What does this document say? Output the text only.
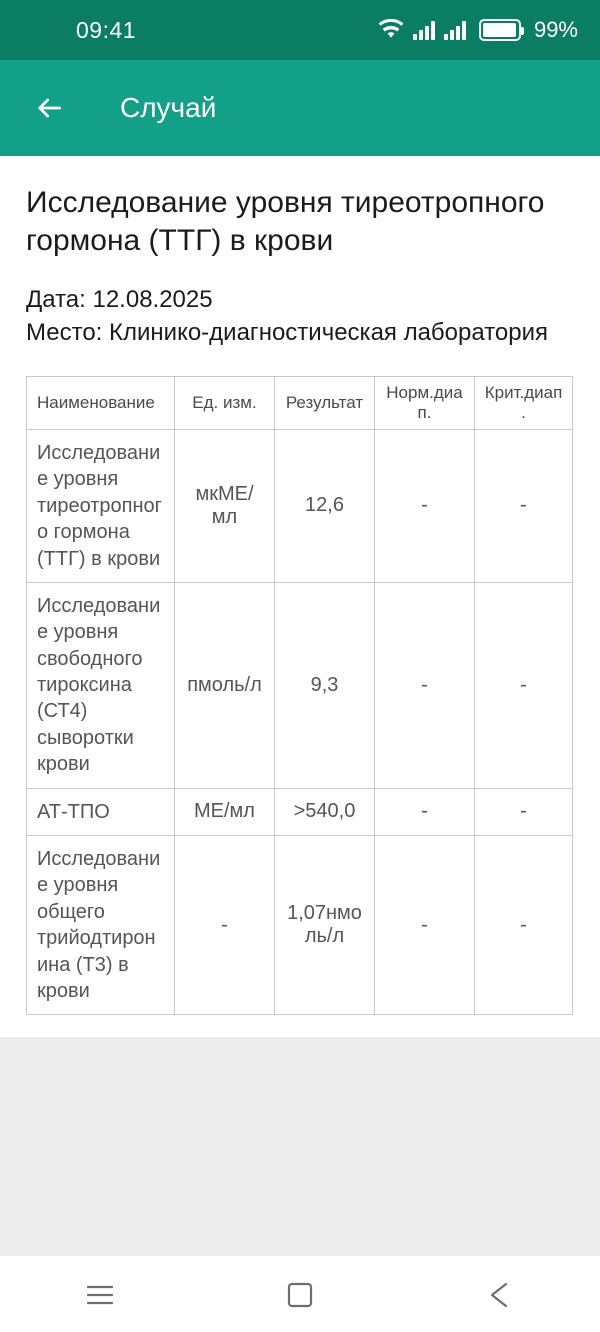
09:41	99%
Случай
Исследование уровня тиреотропного гормона (ТТГ) в крови
Дата: 12.08.2025
Место: Клинико-диагностическая лаборатория
Наименование	Ед. изм.	Результат	Норм.диап.	Крит.диап.
Исследование уровня тиреотропного гормона (ТТГ) в крови	мкМЕ/мл	12,6	-	-
Исследование уровня свободного тироксина (СТ4) сыворотки крови	пмоль/л	9,3	-	-
АТ-ТПО	МЕ/мл	>540,0	-	-
Исследование уровня общего трийодтиронина (Т3) в крови	-	1,07нмоль/л	-	-
